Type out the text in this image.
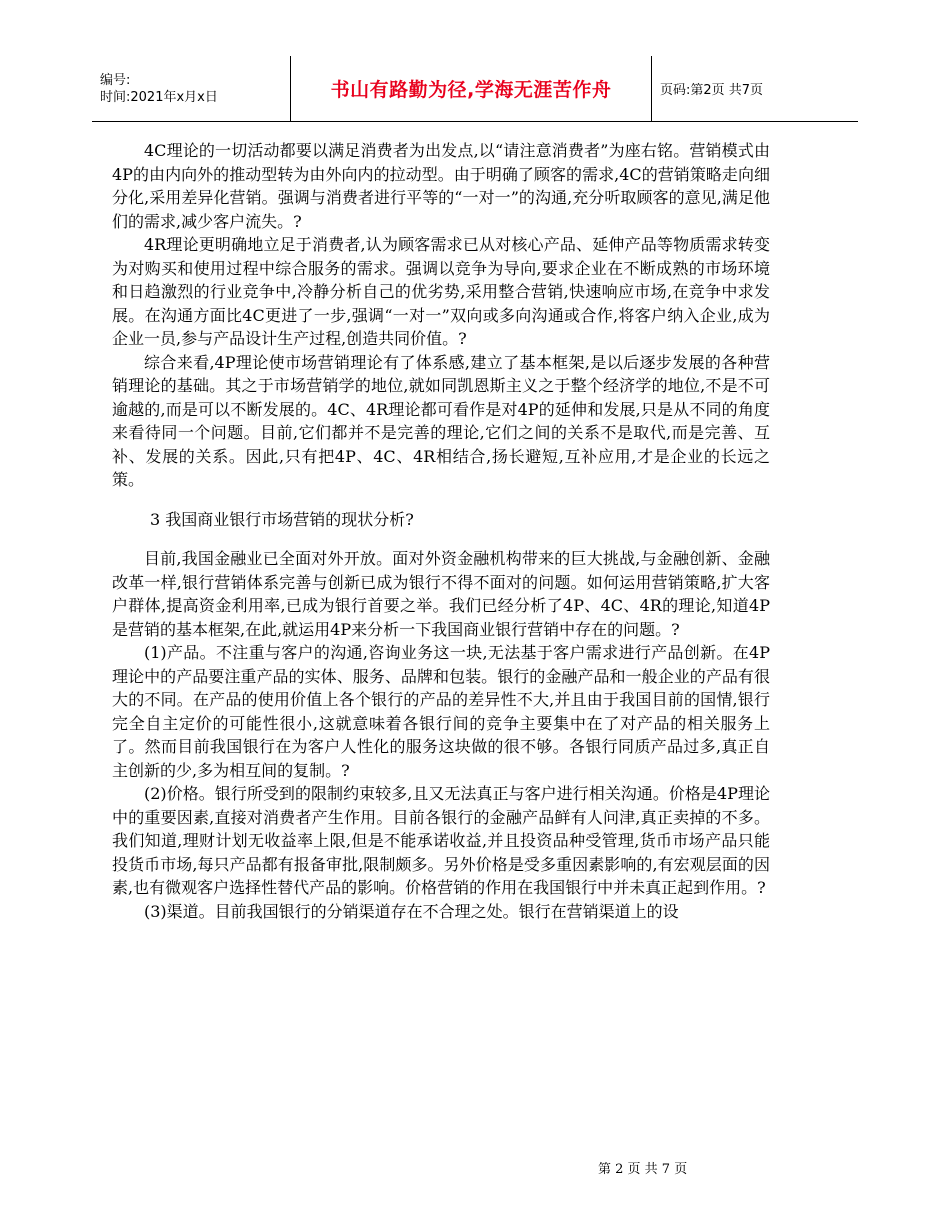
编号:
时间:2021年x月x日	书山有路勤为径,学海无涯苦作舟	页码:第2页 共7页

4C理论的一切活动都要以满足消费者为出发点,以“请注意消费者”为座右铭。营销模式由4P的由内向外的推动型转为由外向内的拉动型。由于明确了顾客的需求,4C的营销策略走向细分化,采用差异化营销。强调与消费者进行平等的“一对一”的沟通,充分听取顾客的意见,满足他们的需求,减少客户流失。?

4R理论更明确地立足于消费者,认为顾客需求已从对核心产品、延伸产品等物质需求转变为对购买和使用过程中综合服务的需求。强调以竞争为导向,要求企业在不断成熟的市场环境和日趋激烈的行业竞争中,冷静分析自己的优劣势,采用整合营销,快速响应市场,在竞争中求发展。在沟通方面比4C更进了一步,强调“一对一”双向或多向沟通或合作,将客户纳入企业,成为企业一员,参与产品设计生产过程,创造共同价值。?

综合来看,4P理论使市场营销理论有了体系感,建立了基本框架,是以后逐步发展的各种营销理论的基础。其之于市场营销学的地位,就如同凯恩斯主义之于整个经济学的地位,不是不可逾越的,而是可以不断发展的。4C、4R理论都可看作是对4P的延伸和发展,只是从不同的角度来看待同一个问题。目前,它们都并不是完善的理论,它们之间的关系不是取代,而是完善、互补、发展的关系。因此,只有把4P、4C、4R相结合,扬长避短,互补应用,才是企业的长远之策。

3 我国商业银行市场营销的现状分析?

目前,我国金融业已全面对外开放。面对外资金融机构带来的巨大挑战,与金融创新、金融改革一样,银行营销体系完善与创新已成为银行不得不面对的问题。如何运用营销策略,扩大客户群体,提高资金利用率,已成为银行首要之举。我们已经分析了4P、4C、4R的理论,知道4P是营销的基本框架,在此,就运用4P来分析一下我国商业银行营销中存在的问题。?

(1)产品。不注重与客户的沟通,咨询业务这一块,无法基于客户需求进行产品创新。在4P理论中的产品要注重产品的实体、服务、品牌和包装。银行的金融产品和一般企业的产品有很大的不同。在产品的使用价值上各个银行的产品的差异性不大,并且由于我国目前的国情,银行完全自主定价的可能性很小,这就意味着各银行间的竞争主要集中在了对产品的相关服务上了。然而目前我国银行在为客户人性化的服务这块做的很不够。各银行同质产品过多,真正自主创新的少,多为相互间的复制。?

(2)价格。银行所受到的限制约束较多,且又无法真正与客户进行相关沟通。价格是4P理论中的重要因素,直接对消费者产生作用。目前各银行的金融产品鲜有人问津,真正卖掉的不多。我们知道,理财计划无收益率上限,但是不能承诺收益,并且投资品种受管理,货币市场产品只能投货币市场,每只产品都有报备审批,限制颇多。另外价格是受多重因素影响的,有宏观层面的因素,也有微观客户选择性替代产品的影响。价格营销的作用在我国银行中并未真正起到作用。?

(3)渠道。目前我国银行的分销渠道存在不合理之处。银行在营销渠道上的设

第 2 页 共 7 页
